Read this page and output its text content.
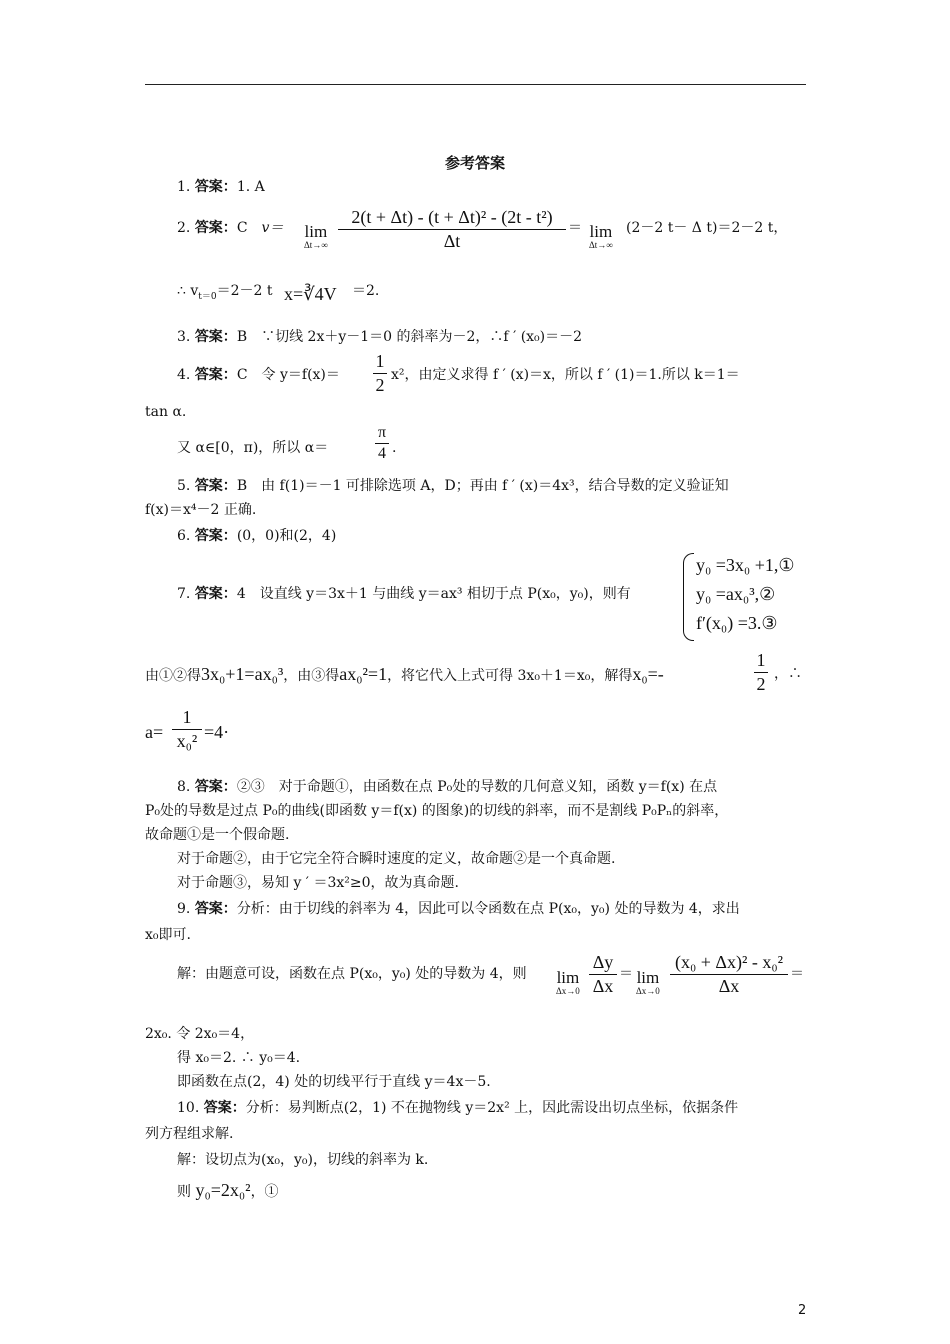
参考答案
1. 答案：1. A
2. 答案：C　 v＝ lim
Δt→∞
2(t + Δt) - (t + Δt)² - (2t - t²)
Δt
＝ lim
Δt→∞
(2－2 t－ Δ t)＝2－2 t，
∴ $v_{t=0}=2-2$ t x=∛4V ＝2.
3. 答案：B　∵切线 2x＋y－1＝0 的斜率为－2，∴f ′ (x₀)＝－2
4. 答案：C　令 y＝f(x)＝
1
2 x²，由定义求得 f ′ (x)＝x，所以 f ′ (1)＝1.所以 k＝1＝
tan α.
又 α∈[0，π)，所以 α＝
π
4 .
5. 答案：B　由 f(1)＝－1 可排除选项 A，D；再由 f ′ (x)＝4x³，结合导数的定义验证知
f(x)＝x⁴－2 正确.
6. 答案：(0，0)和(2，4)
7. 答案：4　设直线 y＝3x＋1 与曲线 y＝ax³ 相切于点 P(x₀，y₀)，则有
y₀ =3x₀ +1,①
y₀ =ax₀³,②
f′(x₀) =3.③
由①②得3x₀+1=ax₀³，由③得ax₀²=1，将它代入上式可得 3x₀＋1＝x₀，解得x₀=-
1
2 ，∴
a=
1
x₀² =4·
8. 答案：②③　对于命题①，由函数在点 P₀处的导数的几何意义知，函数 y＝f(x) 在点
P₀处的导数是过点 P₀的曲线(即函数 y＝f(x) 的图象)的切线的斜率，而不是割线 P₀Pₙ的斜率，
故命题①是一个假命题.
对于命题②，由于它完全符合瞬时速度的定义，故命题②是一个真命题.
对于命题③，易知 y ′ ＝3x²≥0，故为真命题.
9. 答案：分析：由于切线的斜率为 4，因此可以令函数在点 P(x₀，y₀) 处的导数为 4，求出
x₀即可.
解：由题意可设，函数在点 P(x₀，y₀) 处的导数为 4，则 lim
Δx→0
Δy
Δx
＝ lim
Δx→0
(x₀ + Δx)² - x₀²
Δx
＝
2x₀. 令 2x₀＝4，
得 x₀＝2. ∴ y₀＝4.
即函数在点(2，4) 处的切线平行于直线 y＝4x－5.
10. 答案：分析：易判断点(2，1) 不在抛物线 y＝2x² 上，因此需设出切点坐标，依据条件
列方程组求解.
解：设切点为(x₀，y₀)，切线的斜率为 k.
则 y₀=2x₀²，①
2
